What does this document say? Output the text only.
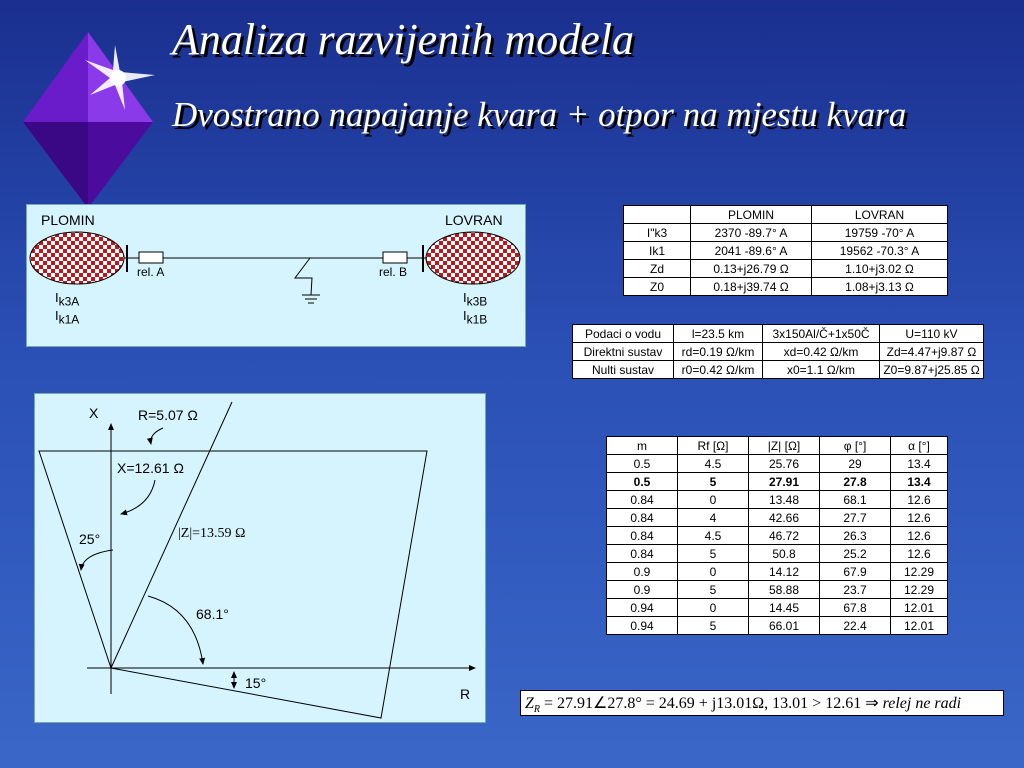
Analiza razvijenih modela
Dvostrano napajanje kvara + otpor na mjestu kvara
PLOMIN	LOVRAN
rel. A	rel. B
$I_{k3A}$
$I_{k1A}$
$I_{k3B}$
$I_{k1B}$
	PLOMIN	LOVRAN
I"k3	2370 -89.7° A	19759 -70° A
Ik1	2041 -89.6° A	19562 -70.3° A
Zd	0.13+j26.79 Ω	1.10+j3.02 Ω
Z0	0.18+j39.74 Ω	1.08+j3.13 Ω
Podaci o vodu	l=23.5 km	3x150Al/Č+1x50Č	U=110 kV
Direktni sustav	rd=0.19 Ω/km	xd=0.42 Ω/km	Zd=4.47+j9.87 Ω
Nulti sustav	r0=0.42 Ω/km	x0=1.1 Ω/km	Z0=9.87+j25.85 Ω
m	Rf [Ω]	|Z| [Ω]	φ [°]	α [°]
0.5	4.5	25.76	29	13.4
0.5	5	27.91	27.8	13.4
0.84	0	13.48	68.1	12.6
0.84	4	42.66	27.7	12.6
0.84	4.5	46.72	26.3	12.6
0.84	5	50.8	25.2	12.6
0.9	0	14.12	67.9	12.29
0.9	5	58.88	23.7	12.29
0.94	0	14.45	67.8	12.01
0.94	5	66.01	22.4	12.01
X
R
R=5.07 Ω
X=12.61 Ω
|Z|=13.59 Ω
25°
68.1°
15°
$Z_R$ = 27.91∠27.8° = 24.69 + j13.01Ω, 13.01 > 12.61 ⇒ relej ne radi
